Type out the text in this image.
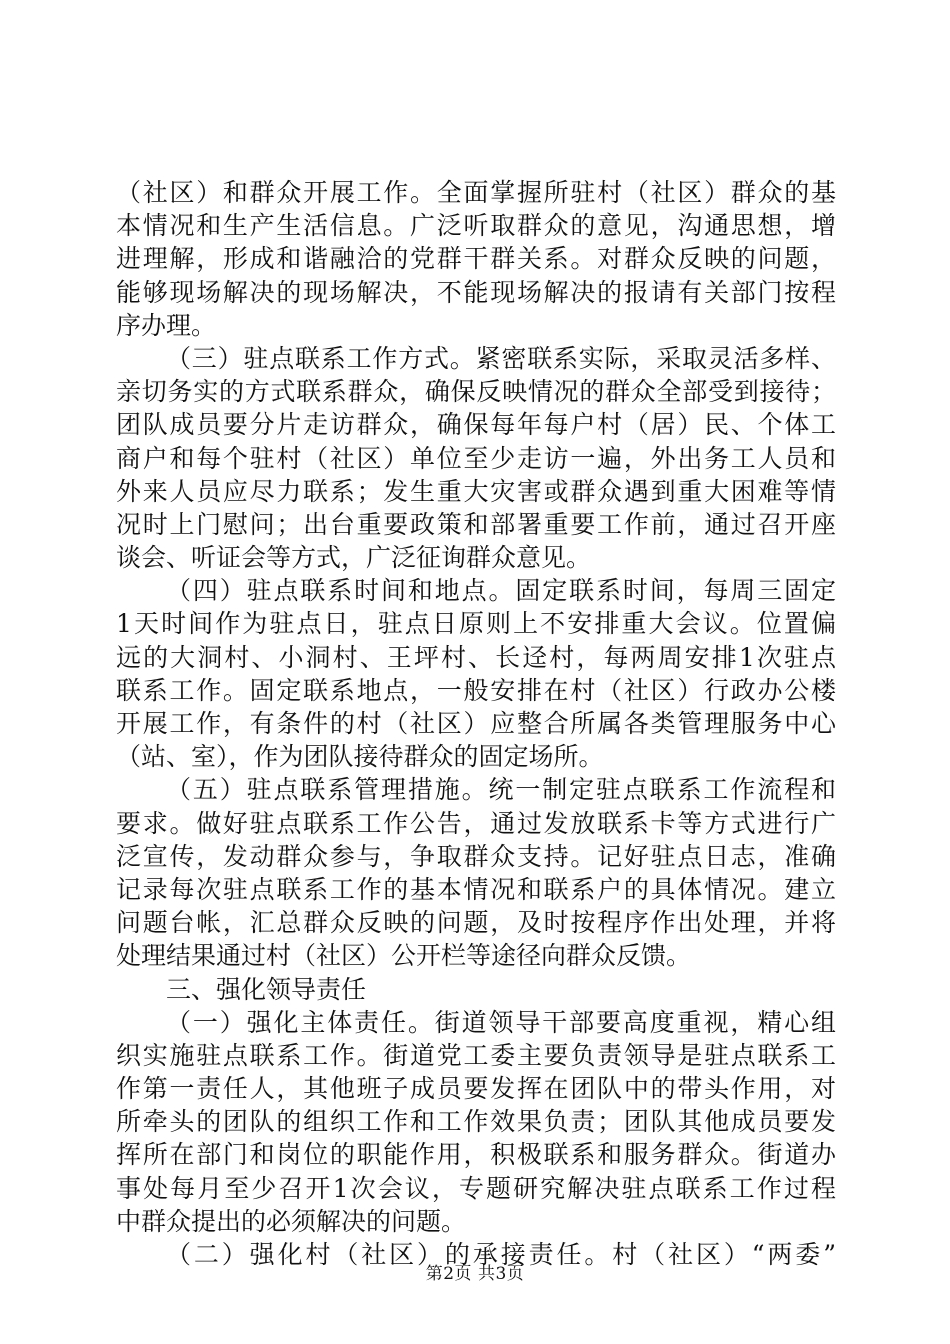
（社区）和群众开展工作。全面掌握所驻村（社区）群众的基
本情况和生产生活信息。广泛听取群众的意见，沟通思想，增
进理解，形成和谐融洽的党群干群关系。对群众反映的问题，
能够现场解决的现场解决，不能现场解决的报请有关部门按程
序办理。
（三）驻点联系工作方式。紧密联系实际，采取灵活多样、
亲切务实的方式联系群众，确保反映情况的群众全部受到接待；
团队成员要分片走访群众，确保每年每户村（居）民、个体工
商户和每个驻村（社区）单位至少走访一遍，外出务工人员和
外来人员应尽力联系；发生重大灾害或群众遇到重大困难等情
况时上门慰问；出台重要政策和部署重要工作前，通过召开座
谈会、听证会等方式，广泛征询群众意见。
（四）驻点联系时间和地点。固定联系时间，每周三固定
1天时间作为驻点日，驻点日原则上不安排重大会议。位置偏
远的大洞村、小洞村、王坪村、长迳村，每两周安排1次驻点
联系工作。固定联系地点，一般安排在村（社区）行政办公楼
开展工作，有条件的村（社区）应整合所属各类管理服务中心
（站、室），作为团队接待群众的固定场所。
（五）驻点联系管理措施。统一制定驻点联系工作流程和
要求。做好驻点联系工作公告，通过发放联系卡等方式进行广
泛宣传，发动群众参与，争取群众支持。记好驻点日志，准确
记录每次驻点联系工作的基本情况和联系户的具体情况。建立
问题台帐，汇总群众反映的问题，及时按程序作出处理，并将
处理结果通过村（社区）公开栏等途径向群众反馈。
三、强化领导责任
（一）强化主体责任。街道领导干部要高度重视，精心组
织实施驻点联系工作。街道党工委主要负责领导是驻点联系工
作第一责任人，其他班子成员要发挥在团队中的带头作用，对
所牵头的团队的组织工作和工作效果负责；团队其他成员要发
挥所在部门和岗位的职能作用，积极联系和服务群众。街道办
事处每月至少召开1次会议，专题研究解决驻点联系工作过程
中群众提出的必须解决的问题。
（二）强化村（社区）的承接责任。村（社区）“两委”
第2页 共3页
